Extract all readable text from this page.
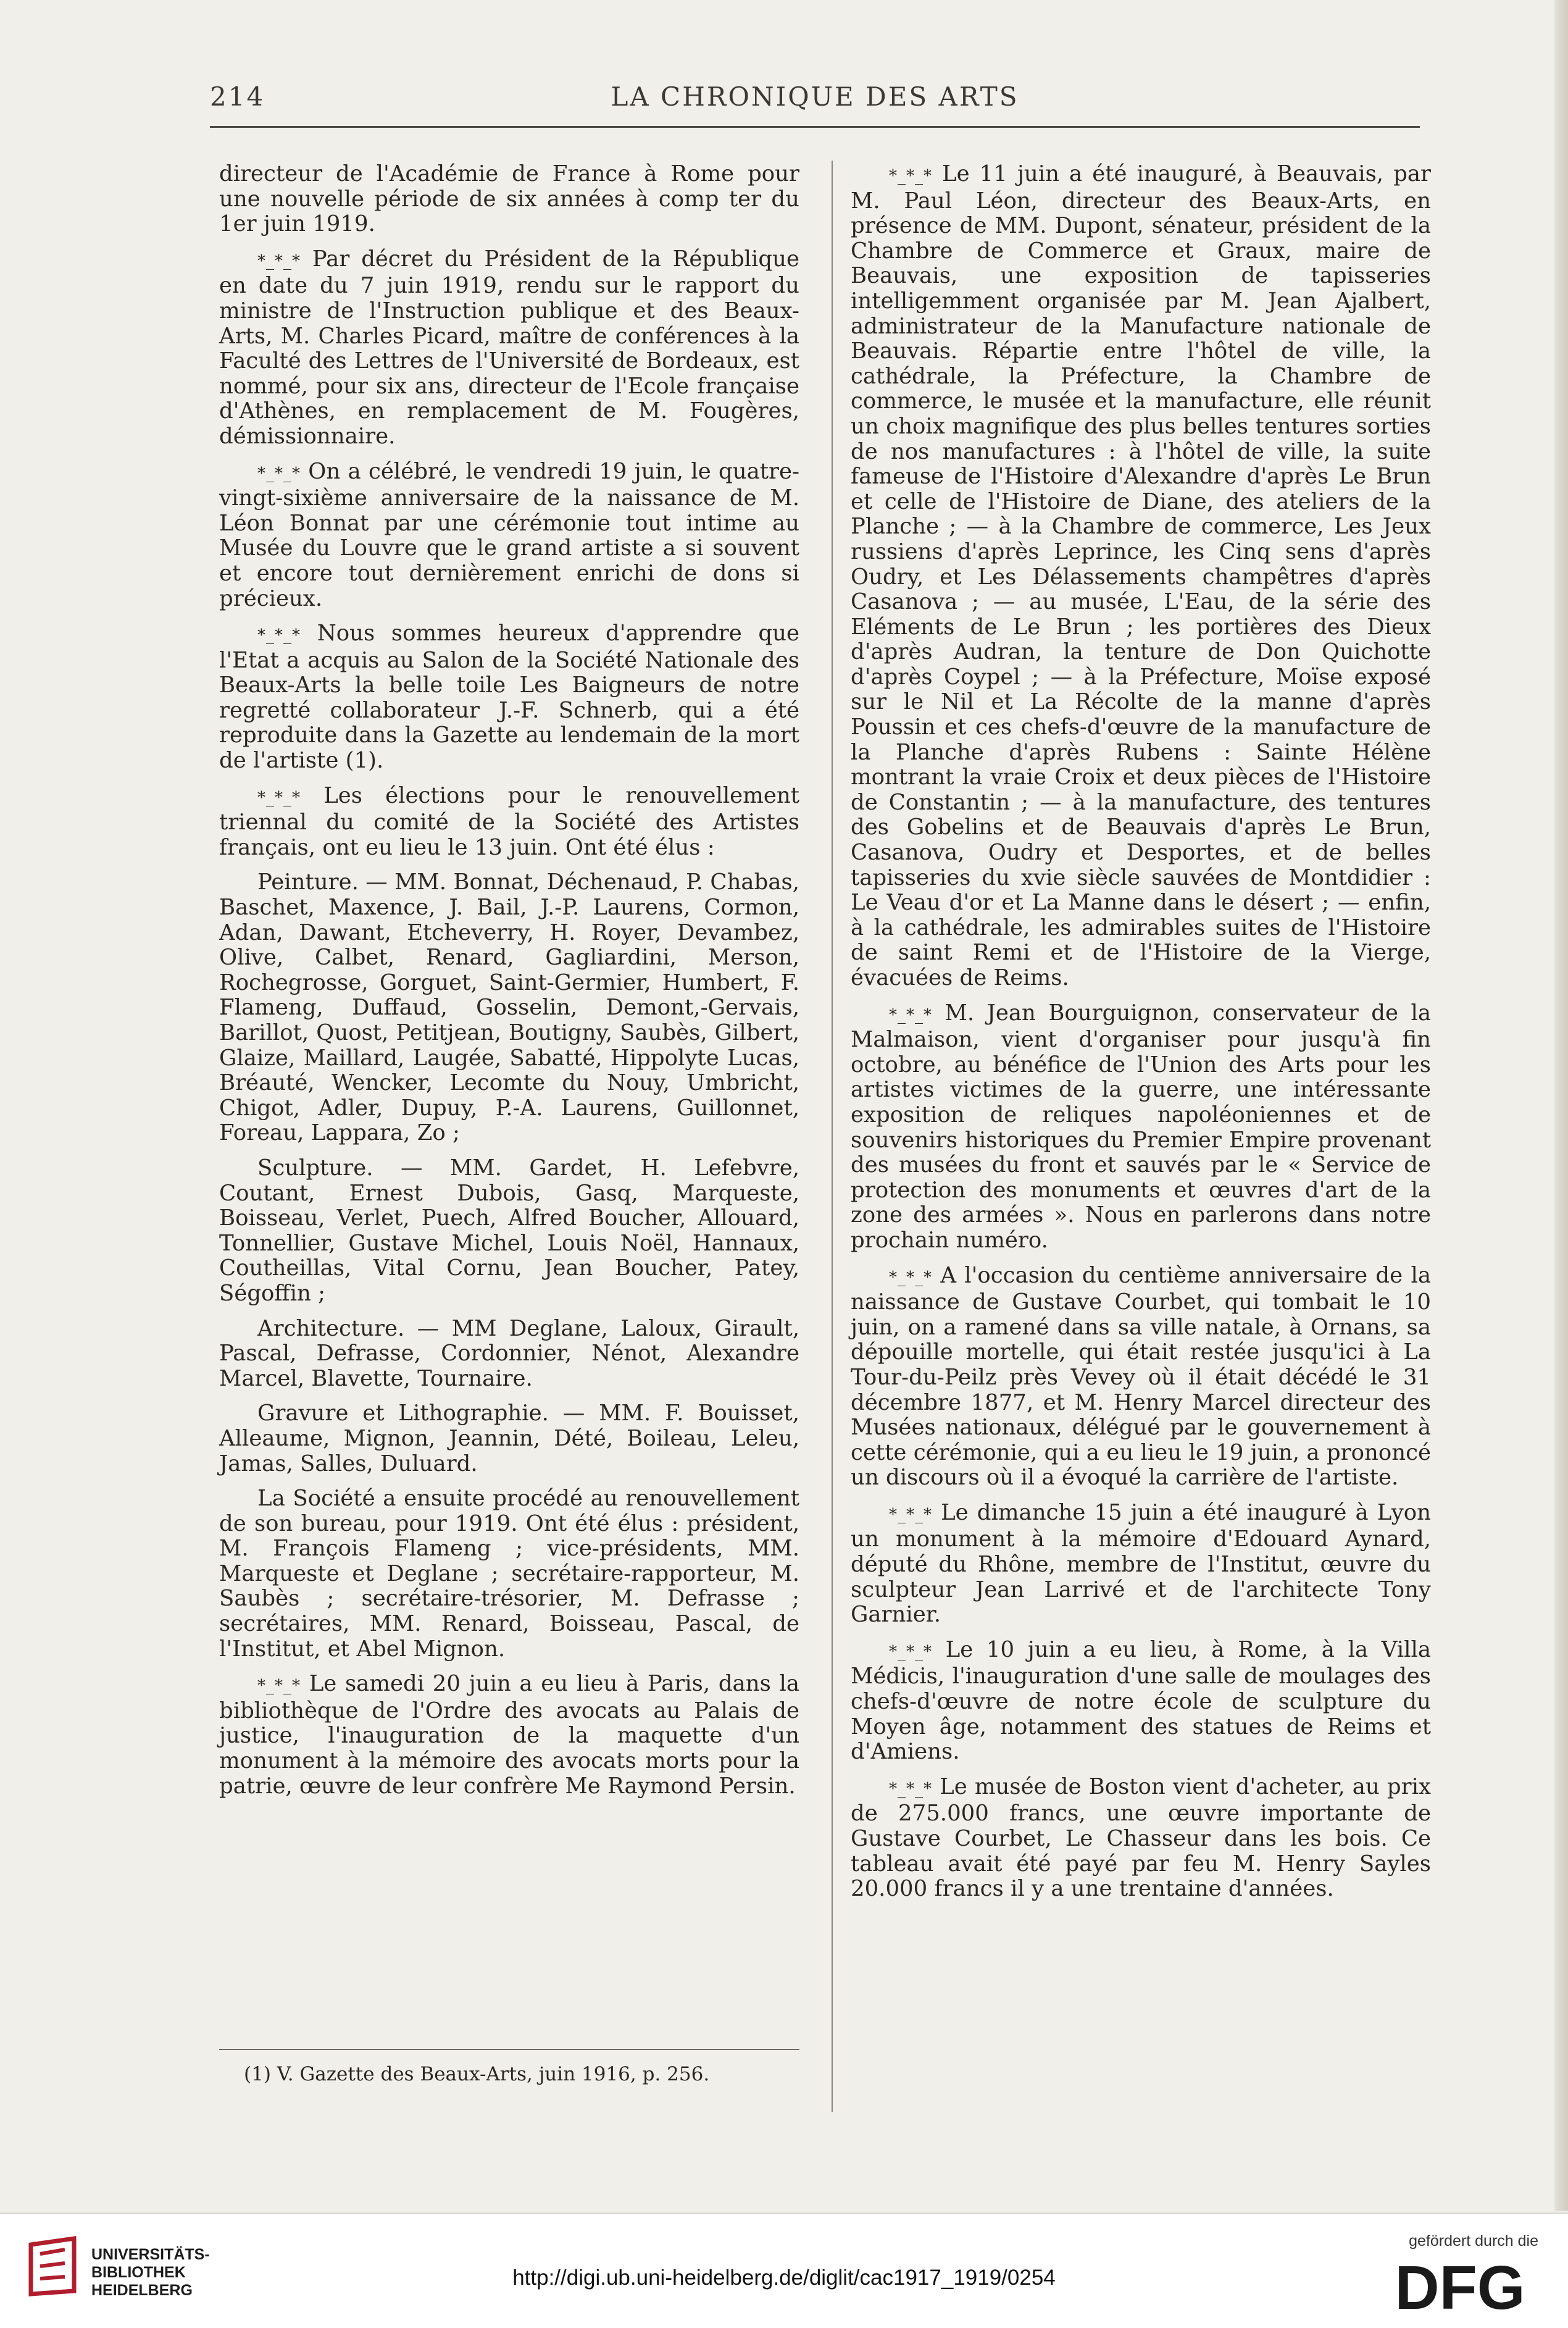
214	LA CHRONIQUE DES ARTS

directeur de l'Académie de France à Rome pour une nouvelle période de six années à comp ter du 1er juin 1919.

*_*_* Par décret du Président de la République en date du 7 juin 1919, rendu sur le rapport du ministre de l'Instruction publique et des Beaux-Arts, M. Charles Picard, maître de conférences à la Faculté des Lettres de l'Université de Bordeaux, est nommé, pour six ans, directeur de l'Ecole française d'Athènes, en remplacement de M. Fougères, démissionnaire.

*_*_* On a célébré, le vendredi 19 juin, le quatre-vingt-sixième anniversaire de la naissance de M. Léon Bonnat par une cérémonie tout intime au Musée du Louvre que le grand artiste a si souvent et encore tout dernièrement enrichi de dons si précieux.

*_*_* Nous sommes heureux d'apprendre que l'Etat a acquis au Salon de la Société Nationale des Beaux-Arts la belle toile Les Baigneurs de notre regretté collaborateur J.-F. Schnerb, qui a été reproduite dans la Gazette au lendemain de la mort de l'artiste (1).

*_*_* Les élections pour le renouvellement triennal du comité de la Société des Artistes français, ont eu lieu le 13 juin. Ont été élus :

Peinture. — MM. Bonnat, Déchenaud, P. Chabas, Baschet, Maxence, J. Bail, J.-P. Laurens, Cormon, Adan, Dawant, Etcheverry, H. Royer, Devambez, Olive, Calbet, Renard, Gagliardini, Merson, Rochegrosse, Gorguet, Saint-Germier, Humbert, F. Flameng, Duffaud, Gosselin, Demont,-Gervais, Barillot, Quost, Petitjean, Boutigny, Saubès, Gilbert, Glaize, Maillard, Laugée, Sabatté, Hippolyte Lucas, Bréauté, Wencker, Lecomte du Nouy, Umbricht, Chigot, Adler, Dupuy, P.-A. Laurens, Guillonnet, Foreau, Lappara, Zo ;

Sculpture. — MM. Gardet, H. Lefebvre, Coutant, Ernest Dubois, Gasq, Marqueste, Boisseau, Verlet, Puech, Alfred Boucher, Allouard, Tonnellier, Gustave Michel, Louis Noël, Hannaux, Coutheillas, Vital Cornu, Jean Boucher, Patey, Ségoffin ;

Architecture. — MM Deglane, Laloux, Girault, Pascal, Defrasse, Cordonnier, Nénot, Alexandre Marcel, Blavette, Tournaire.

Gravure et Lithographie. — MM. F. Bouisset, Alleaume, Mignon, Jeannin, Dété, Boileau, Leleu, Jamas, Salles, Duluard.

La Société a ensuite procédé au renouvellement de son bureau, pour 1919. Ont été élus : président, M. François Flameng ; vice-présidents, MM. Marqueste et Deglane ; secrétaire-rapporteur, M. Saubès ; secrétaire-trésorier, M. Defrasse ; secrétaires, MM. Renard, Boisseau, Pascal, de l'Institut, et Abel Mignon.

*_*_* Le samedi 20 juin a eu lieu à Paris, dans la bibliothèque de l'Ordre des avocats au Palais de justice, l'inauguration de la maquette d'un monument à la mémoire des avocats morts pour la patrie, œuvre de leur confrère Me Raymond Persin.

*_*_* Le 11 juin a été inauguré, à Beauvais, par M. Paul Léon, directeur des Beaux-Arts, en présence de MM. Dupont, sénateur, président de la Chambre de Commerce et Graux, maire de Beauvais, une exposition de tapisseries intelligemment organisée par M. Jean Ajalbert, administrateur de la Manufacture nationale de Beauvais. Répartie entre l'hôtel de ville, la cathédrale, la Préfecture, la Chambre de commerce, le musée et la manufacture, elle réunit un choix magnifique des plus belles tentures sorties de nos manufactures : à l'hôtel de ville, la suite fameuse de l'Histoire d'Alexandre d'après Le Brun et celle de l'Histoire de Diane, des ateliers de la Planche ; — à la Chambre de commerce, Les Jeux russiens d'après Leprince, les Cinq sens d'après Oudry, et Les Délassements champêtres d'après Casanova ; — au musée, L'Eau, de la série des Eléments de Le Brun ; les portières des Dieux d'après Audran, la tenture de Don Quichotte d'après Coypel ; — à la Préfecture, Moïse exposé sur le Nil et La Récolte de la manne d'après Poussin et ces chefs-d'œuvre de la manufacture de la Planche d'après Rubens : Sainte Hélène montrant la vraie Croix et deux pièces de l'Histoire de Constantin ; — à la manufacture, des tentures des Gobelins et de Beauvais d'après Le Brun, Casanova, Oudry et Desportes, et de belles tapisseries du xvie siècle sauvées de Montdidier : Le Veau d'or et La Manne dans le désert ; — enfin, à la cathédrale, les admirables suites de l'Histoire de saint Remi et de l'Histoire de la Vierge, évacuées de Reims.

*_*_* M. Jean Bourguignon, conservateur de la Malmaison, vient d'organiser pour jusqu'à fin octobre, au bénéfice de l'Union des Arts pour les artistes victimes de la guerre, une intéressante exposition de reliques napoléoniennes et de souvenirs historiques du Premier Empire provenant des musées du front et sauvés par le « Service de protection des monuments et œuvres d'art de la zone des armées ». Nous en parlerons dans notre prochain numéro.

*_*_* A l'occasion du centième anniversaire de la naissance de Gustave Courbet, qui tombait le 10 juin, on a ramené dans sa ville natale, à Ornans, sa dépouille mortelle, qui était restée jusqu'ici à La Tour-du-Peilz près Vevey où il était décédé le 31 décembre 1877, et M. Henry Marcel directeur des Musées nationaux, délégué par le gouvernement à cette cérémonie, qui a eu lieu le 19 juin, a prononcé un discours où il a évoqué la carrière de l'artiste.

*_*_* Le dimanche 15 juin a été inauguré à Lyon un monument à la mémoire d'Edouard Aynard, député du Rhône, membre de l'Institut, œuvre du sculpteur Jean Larrivé et de l'architecte Tony Garnier.

*_*_* Le 10 juin a eu lieu, à Rome, à la Villa Médicis, l'inauguration d'une salle de moulages des chefs-d'œuvre de notre école de sculpture du Moyen âge, notamment des statues de Reims et d'Amiens.

*_*_* Le musée de Boston vient d'acheter, au prix de 275.000 francs, une œuvre importante de Gustave Courbet, Le Chasseur dans les bois. Ce tableau avait été payé par feu M. Henry Sayles 20.000 francs il y a une trentaine d'années.

(1) V. Gazette des Beaux-Arts, juin 1916, p. 256.
UNIVERSITÄTS-
BIBLIOTHEK
HEIDELBERG
http://digi.ub.uni-heidelberg.de/diglit/cac1917_1919/0254
gefördert durch die
DFG
